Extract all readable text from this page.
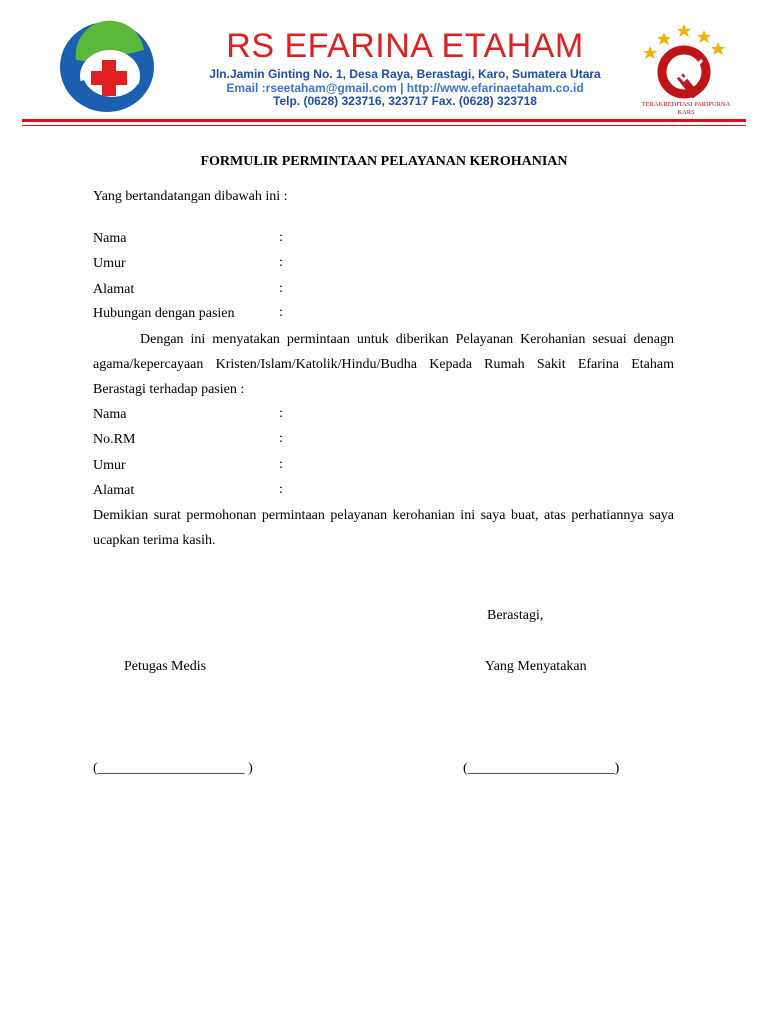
RS EFARINA ETAHAM
Jln.Jamin Ginting No. 1, Desa Raya, Berastagi, Karo, Sumatera Utara
Email :rseetaham@gmail.com | http://www.efarinaetaham.co.id
Telp. (0628) 323716, 323717 Fax. (0628) 323718	TERAKREDITASI PARIPURNA
KARS
FORMULIR PERMINTAAN PELAYANAN KEROHANIAN
Yang bertandatangan dibawah ini :
Nama	:
Umur	:
Alamat	:
Hubungan dengan pasien	:
Dengan ini menyatakan permintaan untuk diberikan Pelayanan Kerohanian sesuai denagn agama/kepercayaan Kristen/Islam/Katolik/Hindu/Budha Kepada Rumah Sakit Efarina Etaham Berastagi terhadap pasien :
Nama	:
No.RM	:
Umur	:
Alamat	:
Demikian surat permohonan permintaan pelayanan kerohanian ini saya buat, atas perhatiannya saya ucapkan terima kasih.
Berastagi,
Petugas Medis	Yang Menyatakan
(_____________________ )	(_____________________)
